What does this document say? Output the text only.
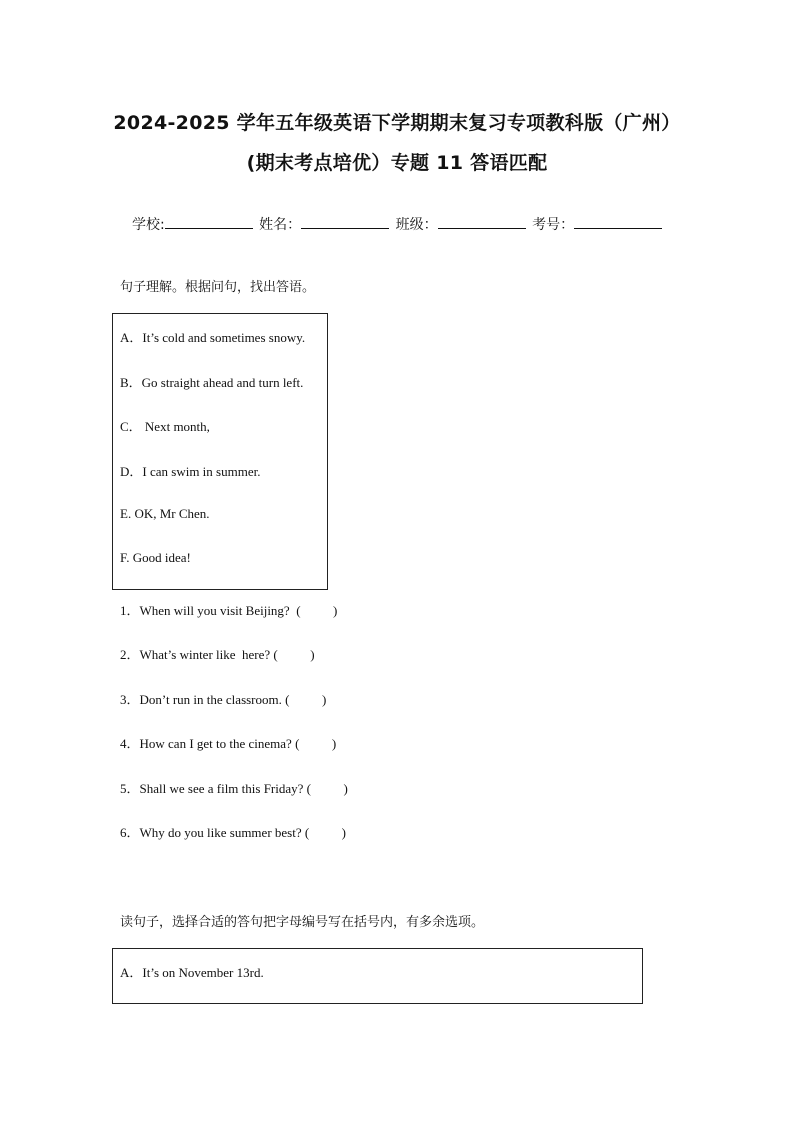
2024-2025 学年五年级英语下学期期末复习专项教科版（广州）
(期末考点培优）专题 11 答语匹配
学校:	姓名：	班级：	考号：
句子理解。根据问句，找出答语。
A．It’s cold and sometimes snowy.
B．Go straight ahead and turn left.
C． Next month,
D．I can swim in summer.
E. OK, Mr Chen.
F. Good idea!
1．When will you visit Beijing?  (          )
2．What’s winter like  here? (          )
3．Don’t run in the classroom. (          )
4．How can I get to the cinema? (          )
5．Shall we see a film this Friday? (          )
6．Why do you like summer best? (          )
读句子，选择合适的答句把字母编号写在括号内，有多余选项。
A．It’s on November 13rd.
